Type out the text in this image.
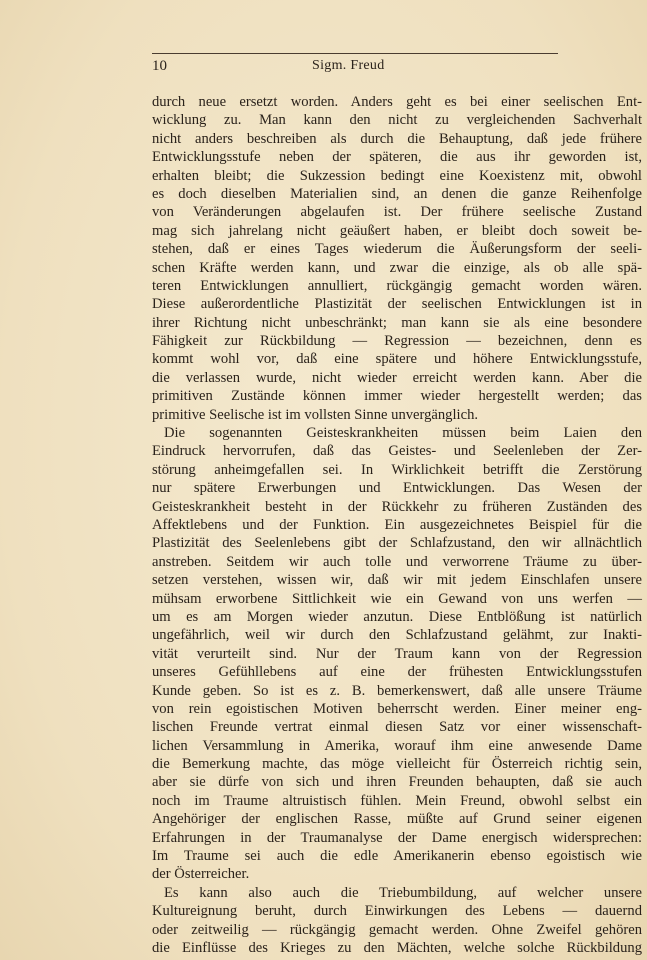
10	Sigm. Freud
durch neue ersetzt worden. Anders geht es bei einer seelischen Ent-
wicklung zu. Man kann den nicht zu vergleichenden Sachverhalt
nicht anders beschreiben als durch die Behauptung, daß jede frühere
Entwicklungsstufe neben der späteren, die aus ihr geworden ist,
erhalten bleibt; die Sukzession bedingt eine Koexistenz mit, obwohl
es doch dieselben Materialien sind, an denen die ganze Reihenfolge
von Veränderungen abgelaufen ist. Der frühere seelische Zustand
mag sich jahrelang nicht geäußert haben, er bleibt doch soweit be-
stehen, daß er eines Tages wiederum die Äußerungsform der seeli-
schen Kräfte werden kann, und zwar die einzige, als ob alle spä-
teren Entwicklungen annulliert, rückgängig gemacht worden wären.
Diese außerordentliche Plastizität der seelischen Entwicklungen ist in
ihrer Richtung nicht unbeschränkt; man kann sie als eine besondere
Fähigkeit zur Rückbildung — Regression — bezeichnen, denn es
kommt wohl vor, daß eine spätere und höhere Entwicklungsstufe,
die verlassen wurde, nicht wieder erreicht werden kann. Aber die
primitiven Zustände können immer wieder hergestellt werden; das
primitive Seelische ist im vollsten Sinne unvergänglich.
Die sogenannten Geisteskrankheiten müssen beim Laien den
Eindruck hervorrufen, daß das Geistes- und Seelenleben der Zer-
störung anheimgefallen sei. In Wirklichkeit betrifft die Zerstörung
nur spätere Erwerbungen und Entwicklungen. Das Wesen der
Geisteskrankheit besteht in der Rückkehr zu früheren Zuständen des
Affektlebens und der Funktion. Ein ausgezeichnetes Beispiel für die
Plastizität des Seelenlebens gibt der Schlafzustand, den wir allnächtlich
anstreben. Seitdem wir auch tolle und verworrene Träume zu über-
setzen verstehen, wissen wir, daß wir mit jedem Einschlafen unsere
mühsam erworbene Sittlichkeit wie ein Gewand von uns werfen —
um es am Morgen wieder anzutun. Diese Entblößung ist natürlich
ungefährlich, weil wir durch den Schlafzustand gelähmt, zur Inakti-
vität verurteilt sind. Nur der Traum kann von der Regression
unseres Gefühllebens auf eine der frühesten Entwicklungsstufen
Kunde geben. So ist es z. B. bemerkenswert, daß alle unsere Träume
von rein egoistischen Motiven beherrscht werden. Einer meiner eng-
lischen Freunde vertrat einmal diesen Satz vor einer wissenschaft-
lichen Versammlung in Amerika, worauf ihm eine anwesende Dame
die Bemerkung machte, das möge vielleicht für Österreich richtig sein,
aber sie dürfe von sich und ihren Freunden behaupten, daß sie auch
noch im Traume altruistisch fühlen. Mein Freund, obwohl selbst ein
Angehöriger der englischen Rasse, müßte auf Grund seiner eigenen
Erfahrungen in der Traumanalyse der Dame energisch widersprechen:
Im Traume sei auch die edle Amerikanerin ebenso egoistisch wie
der Österreicher.
Es kann also auch die Triebumbildung, auf welcher unsere
Kultureignung beruht, durch Einwirkungen des Lebens — dauernd
oder zeitweilig — rückgängig gemacht werden. Ohne Zweifel gehören
die Einflüsse des Krieges zu den Mächten, welche solche Rückbildung
